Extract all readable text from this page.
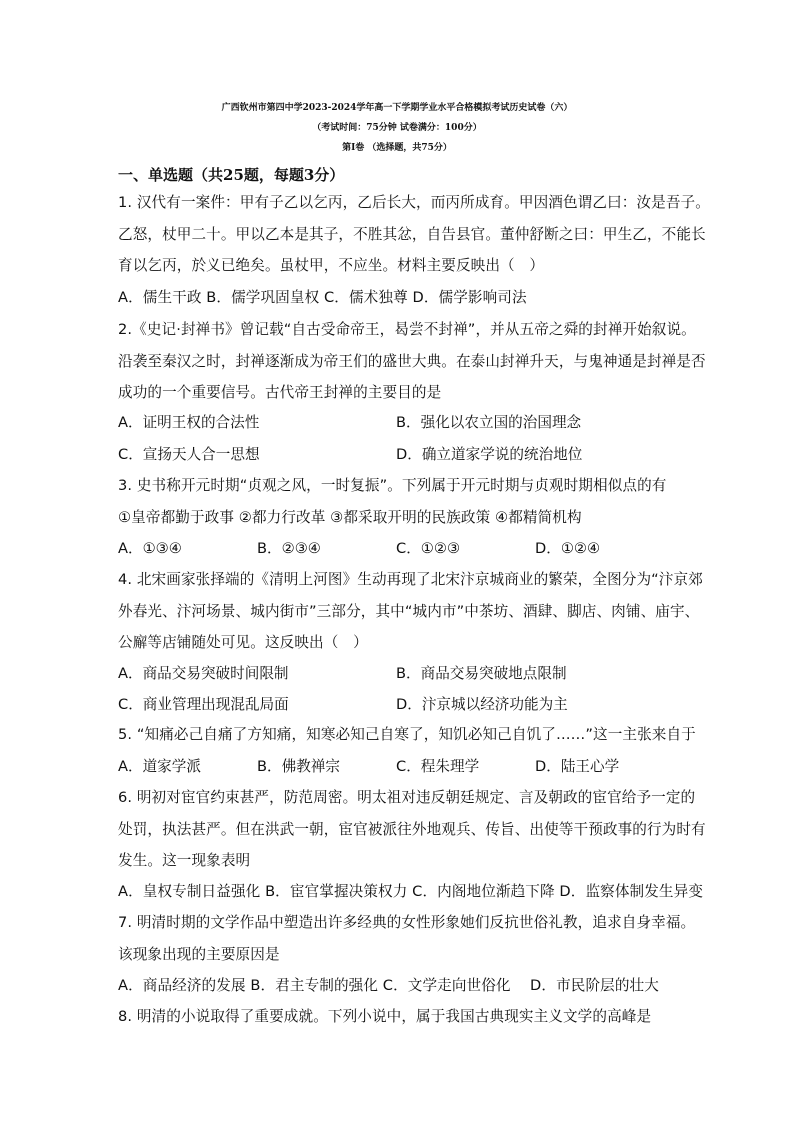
广西钦州市第四中学2023-2024学年高一下学期学业水平合格模拟考试历史试卷（六）
（考试时间：75分钟 试卷满分：100分）
第I卷 （选择题，共75分）
一、单选题（共25题，每题3分）
1. 汉代有一案件：甲有子乙以乞丙，乙后长大，而丙所成育。甲因酒色谓乙曰：汝是吾子。
乙怒，杖甲二十。甲以乙本是其子，不胜其忿，自告县官。董仲舒断之曰：甲生乙，不能长
育以乞丙，於义已绝矣。虽杖甲，不应坐。材料主要反映出（　）
A．儒生干政 B．儒学巩固皇权 C．儒术独尊 D．儒学影响司法
2.《史记·封禅书》曾记载“自古受命帝王，曷尝不封禅”，并从五帝之舜的封禅开始叙说。
沿袭至秦汉之时，封禅逐渐成为帝王们的盛世大典。在泰山封禅升天，与鬼神通是封禅是否
成功的一个重要信号。古代帝王封禅的主要目的是
A．证明王权的合法性	B．强化以农立国的治国理念
C．宣扬天人合一思想	D．确立道家学说的统治地位
3. 史书称开元时期“贞观之风，一时复振”。下列属于开元时期与贞观时期相似点的有
①皇帝都勤于政事 ②都力行改革 ③都采取开明的民族政策 ④都精简机构
A．①③④	B．②③④	C．①②③	D．①②④
4. 北宋画家张择端的《清明上河图》生动再现了北宋汴京城商业的繁荣，全图分为“汴京郊
外春光、汴河场景、城内街市”三部分，其中“城内市”中茶坊、酒肆、脚店、肉铺、庙宇、
公廨等店铺随处可见。这反映出（　）
A．商品交易突破时间限制	B．商品交易突破地点限制
C．商业管理出现混乱局面	D．汴京城以经济功能为主
5. “知痛必己自痛了方知痛，知寒必知己自寒了，知饥必知己自饥了……”这一主张来自于
A．道家学派	B．佛教禅宗	C．程朱理学	D．陆王心学
6. 明初对宦官约束甚严，防范周密。明太祖对违反朝廷规定、言及朝政的宦官给予一定的
处罚，执法甚严。但在洪武一朝，宦官被派往外地观兵、传旨、出使等干预政事的行为时有
发生。这一现象表明
A．皇权专制日益强化 B．宦官掌握决策权力 C．内阁地位渐趋下降 D．监察体制发生异变
7. 明清时期的文学作品中塑造出许多经典的女性形象她们反抗世俗礼教，追求自身幸福。
该现象出现的主要原因是
A．商品经济的发展 B．君主专制的强化 C．文学走向世俗化　 D．市民阶层的壮大
8. 明清的小说取得了重要成就。下列小说中，属于我国古典现实主义文学的高峰是
